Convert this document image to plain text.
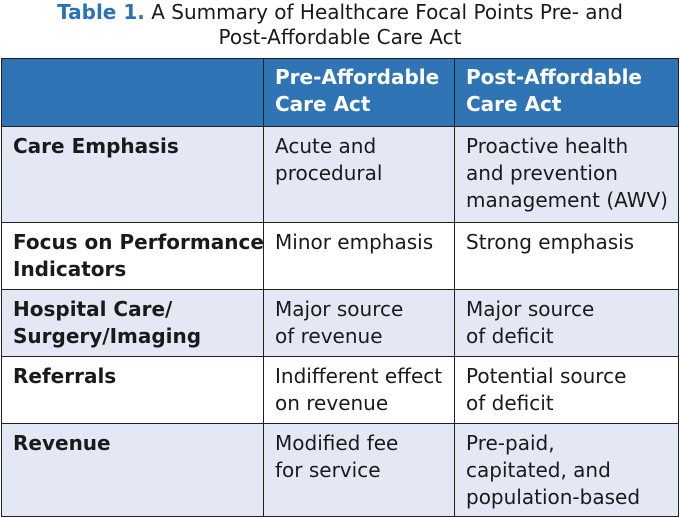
Table 1. A Summary of Healthcare Focal Points Pre- and
Post-Affordable Care Act

	Pre-Affordable
Care Act	Post-Affordable
Care Act

Care Emphasis	Acute and
procedural	Proactive health
and prevention
management (AWV)

Focus on Performance
Indicators	Minor emphasis	Strong emphasis

Hospital Care/
Surgery/Imaging	Major source
of revenue	Major source
of deficit

Referrals	Indifferent effect
on revenue	Potential source
of deficit

Revenue	Modified fee
for service	Pre-paid,
capitated, and
population-based
